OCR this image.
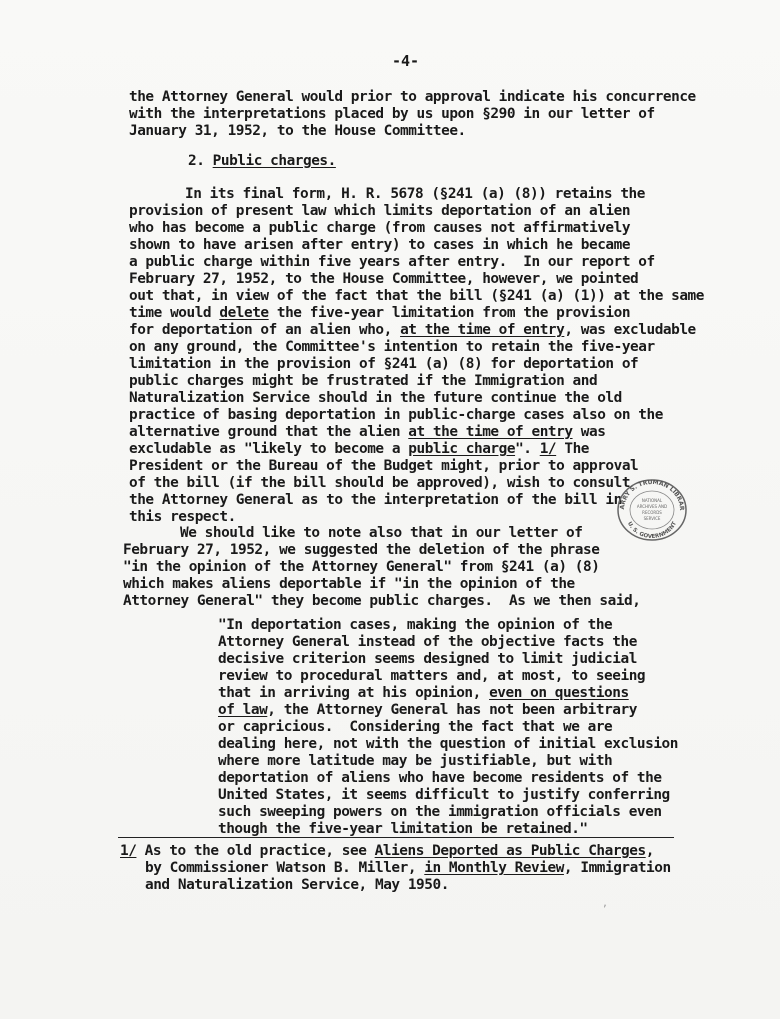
-4-
the Attorney General would prior to approval indicate his concurrence
with the interpretations placed by us upon §290 in our letter of
January 31, 1952, to the House Committee.
2. Public charges.
In its final form, H. R. 5678 (§241 (a) (8)) retains the
provision of present law which limits deportation of an alien
who has become a public charge (from causes not affirmatively
shown to have arisen after entry) to cases in which he became
a public charge within five years after entry.  In our report of
February 27, 1952, to the House Committee, however, we pointed
out that, in view of the fact that the bill (§241 (a) (1)) at the same
time would delete the five-year limitation from the provision
for deportation of an alien who, at the time of entry, was excludable
on any ground, the Committee's intention to retain the five-year
limitation in the provision of §241 (a) (8) for deportation of
public charges might be frustrated if the Immigration and
Naturalization Service should in the future continue the old
practice of basing deportation in public-charge cases also on the
alternative ground that the alien at the time of entry was
excludable as "likely to become a public charge". 1/ The
President or the Bureau of the Budget might, prior to approval
of the bill (if the bill should be approved), wish to consult
the Attorney General as to the interpretation of the bill in
this respect.
ARRY S. TRUMAN LIBRAR
U. S. GOVERNMENT
NATIONAL
ARCHIVES AND
RECORDS
SERVICE
We should like to note also that in our letter of
February 27, 1952, we suggested the deletion of the phrase
"in the opinion of the Attorney General" from §241 (a) (8)
which makes aliens deportable if "in the opinion of the
Attorney General" they become public charges.  As we then said,
"In deportation cases, making the opinion of the
Attorney General instead of the objective facts the
decisive criterion seems designed to limit judicial
review to procedural matters and, at most, to seeing
that in arriving at his opinion, even on questions
of law, the Attorney General has not been arbitrary
or capricious.  Considering the fact that we are
dealing here, not with the question of initial exclusion
where more latitude may be justifiable, but with
deportation of aliens who have become residents of the
United States, it seems difficult to justify conferring
such sweeping powers on the immigration officials even
though the five-year limitation be retained."
1/ As to the old practice, see Aliens Deported as Public Charges,
by Commissioner Watson B. Miller, in Monthly Review, Immigration
and Naturalization Service, May 1950.
,
